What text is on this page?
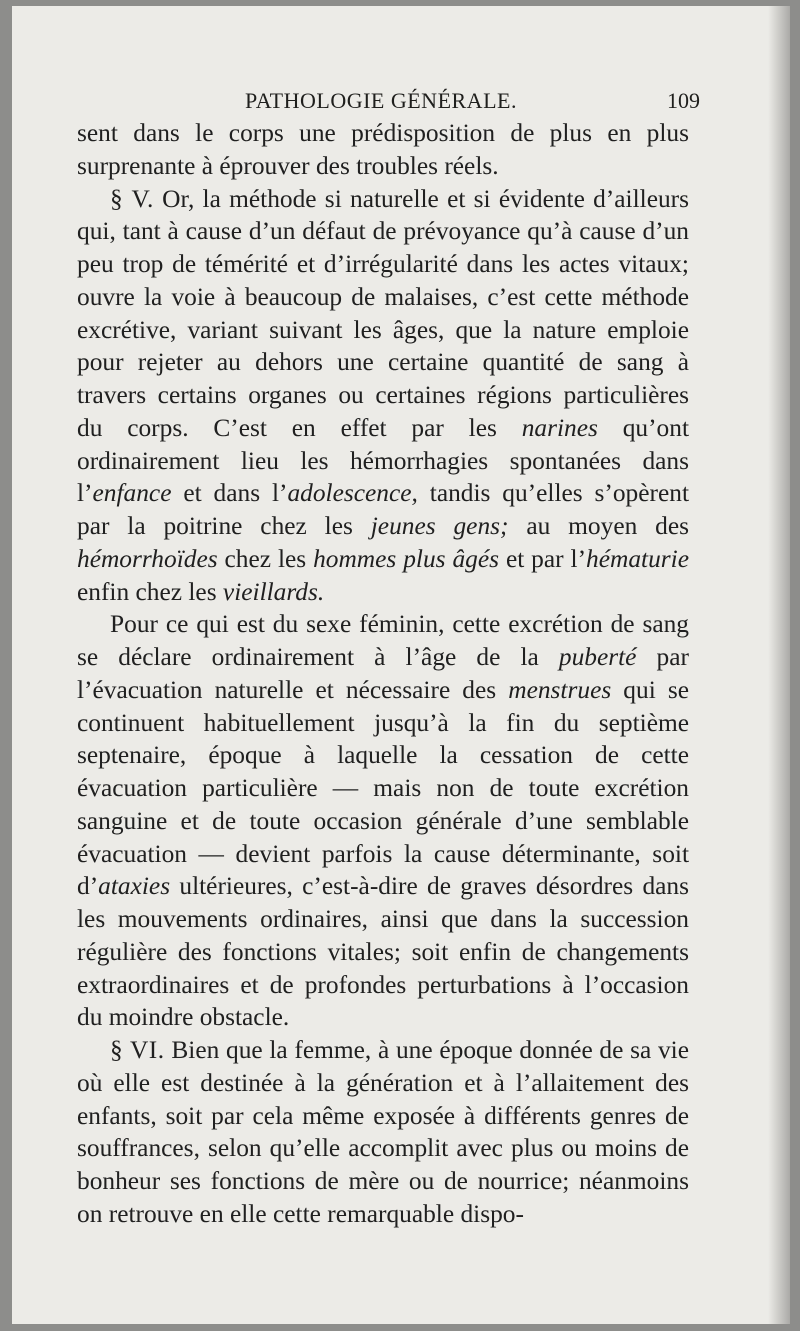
PATHOLOGIE GÉNÉRALE.	109

sent dans le corps une prédisposition de plus en plus surprenante à éprouver des troubles réels.

§ V. Or, la méthode si naturelle et si évidente d’ailleurs qui, tant à cause d’un défaut de prévoyance qu’à cause d’un peu trop de témérité et d’irrégularité dans les actes vitaux; ouvre la voie à beaucoup de malaises, c’est cette méthode excrétive, variant suivant les âges, que la nature emploie pour rejeter au dehors une certaine quantité de sang à travers certains organes ou certaines régions particulières du corps. C’est en effet par les narines qu’ont ordinairement lieu les hémorrhagies spontanées dans l’enfance et dans l’adolescence, tandis qu’elles s’opèrent par la poitrine chez les jeunes gens; au moyen des hémorrhoïdes chez les hommes plus âgés et par l’hématurie enfin chez les vieillards.

Pour ce qui est du sexe féminin, cette excrétion de sang se déclare ordinairement à l’âge de la puberté par l’évacuation naturelle et nécessaire des menstrues qui se continuent habituellement jusqu’à la fin du septième septenaire, époque à laquelle la cessation de cette évacuation particulière — mais non de toute excrétion sanguine et de toute occasion générale d’une semblable évacuation — devient parfois la cause déterminante, soit d’ataxies ultérieures, c’est-à-dire de graves désordres dans les mouvements ordinaires, ainsi que dans la succession régulière des fonctions vitales; soit enfin de changements extraordinaires et de profondes perturbations à l’occasion du moindre obstacle.

§ VI. Bien que la femme, à une époque donnée de sa vie où elle est destinée à la génération et à l’allaitement des enfants, soit par cela même exposée à différents genres de souffrances, selon qu’elle accomplit avec plus ou moins de bonheur ses fonctions de mère ou de nourrice; néanmoins on retrouve en elle cette remarquable dispo-
